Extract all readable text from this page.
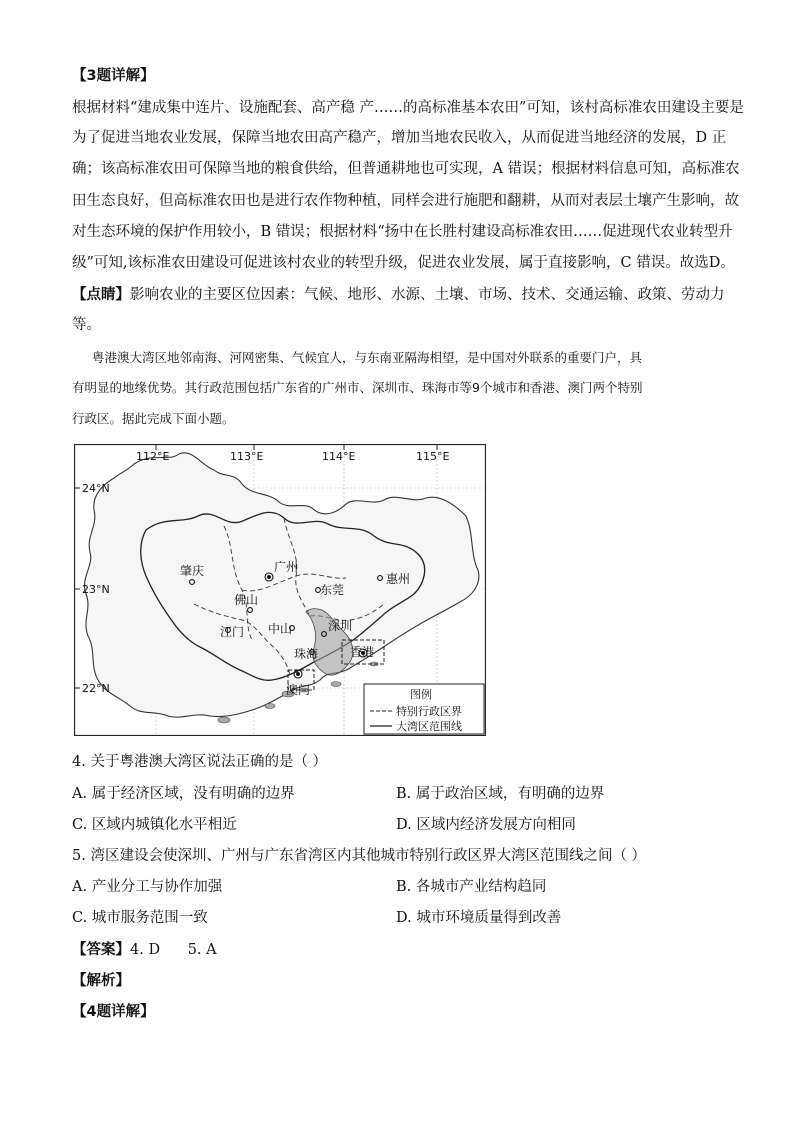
【3题详解】
根据材料“建成集中连片、设施配套、高产稳 产……的高标准基本农田”可知，该村高标准农田建设主要是
为了促进当地农业发展，保障当地农田高产稳产，增加当地农民收入，从而促进当地经济的发展，D 正
确；该高标准农田可保障当地的粮食供给，但普通耕地也可实现，A 错误；根据材料信息可知，高标准农
田生态良好，但高标准农田也是进行农作物种植，同样会进行施肥和翻耕，从而对表层土壤产生影响，故
对生态环境的保护作用较小，B 错误；根据材料“扬中在长胜村建设高标准农田……促进现代农业转型升
级”可知,该标准农田建设可促进该村农业的转型升级，促进农业发展，属于直接影响，C 错误。故选D。
【点睛】影响农业的主要区位因素：气候、地形、水源、土壤、市场、技术、交通运输、政策、劳动力
等。
粤港澳大湾区地邻南海、河网密集、气候宜人，与东南亚隔海相望，是中国对外联系的重要门户，具
有明显的地缘优势。其行政范围包括广东省的广州市、深圳市、珠海市等9个城市和香港、澳门两个特别
行政区。据此完成下面小题。
112°E	113°E	114°E	115°E
24°N
23°N
22°N
肇庆	广州
佛山
东莞
惠州
江门 中山	深圳
珠海	香港
澳门	图例
特别行政区界
大湾区范围线
4. 关于粤港澳大湾区说法正确的是（ ）
A. 属于经济区域，没有明确的边界	B. 属于政治区域，有明确的边界
C. 区域内城镇化水平相近	D. 区域内经济发展方向相同
5. 湾区建设会使深圳、广州与广东省湾区内其他城市特别行政区界大湾区范围线之间（ ）
A. 产业分工与协作加强	B. 各城市产业结构趋同
C. 城市服务范围一致	D. 城市环境质量得到改善
【答案】4. D      5. A
【解析】
【4题详解】
